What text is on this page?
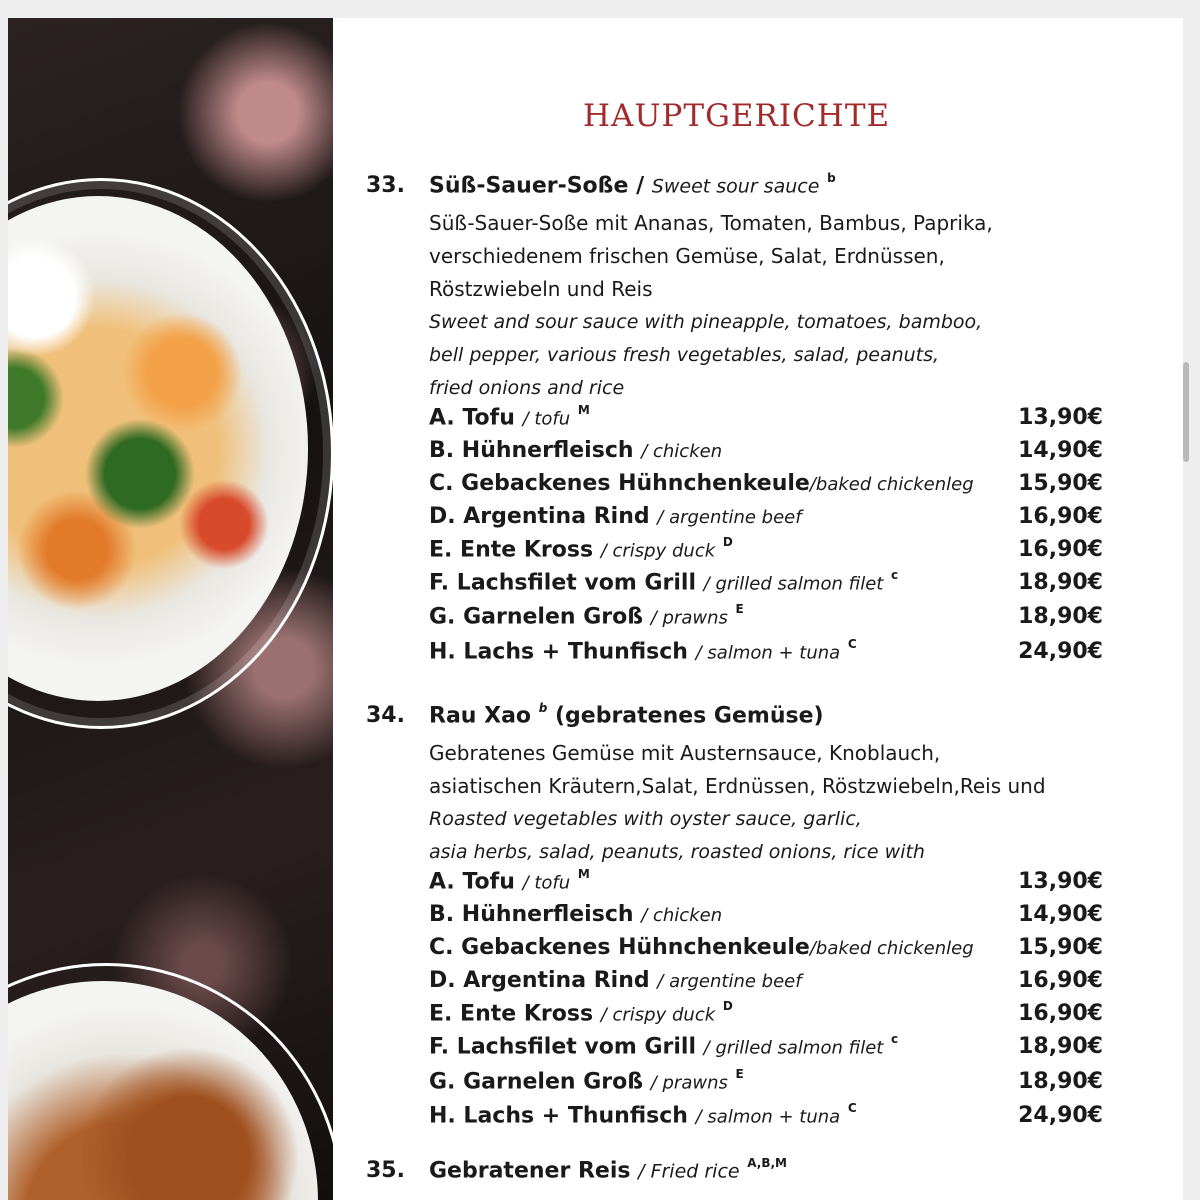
HAUPTGERICHTE
33. Süß-Sauer-Soße / Sweet sour sauce $^b$
Süß-Sauer-Soße mit Ananas, Tomaten, Bambus, Paprika,
verschiedenem frischen Gemüse, Salat, Erdnüssen,
Röstzwiebeln und Reis
Sweet and sour sauce with pineapple, tomatoes, bamboo,
bell pepper, various fresh vegetables, salad, peanuts,
fried onions and rice
A. Tofu / tofu $^M$	13,90€
B. Hühnerfleisch / chicken	14,90€
C. Gebackenes Hühnchenkeule/baked chickenleg 15,90€
D. Argentina Rind / argentine beef	16,90€
E. Ente Kross / crispy duck $^D$	16,90€
F. Lachsfilet vom Grill / grilled salmon filet $^c$	18,90€
G. Garnelen Groß / prawns $^E$	18,90€
H. Lachs + Thunfisch / salmon + tuna $^C$	24,90€
34. Rau Xao $^b$ (gebratenes Gemüse)
Gebratenes Gemüse mit Austernsauce, Knoblauch,
asiatischen Kräutern,Salat, Erdnüssen, Röstzwiebeln,Reis und
Roasted vegetables with oyster sauce, garlic,
asia herbs, salad, peanuts, roasted onions, rice with
A. Tofu / tofu $^M$	13,90€
B. Hühnerfleisch / chicken	14,90€
C. Gebackenes Hühnchenkeule/baked chickenleg 15,90€
D. Argentina Rind / argentine beef	16,90€
E. Ente Kross / crispy duck $^D$	16,90€
F. Lachsfilet vom Grill / grilled salmon filet $^c$	18,90€
G. Garnelen Groß / prawns $^E$	18,90€
H. Lachs + Thunfisch / salmon + tuna $^C$	24,90€
35. Gebratener Reis / Fried rice $^{A,B,M}$
